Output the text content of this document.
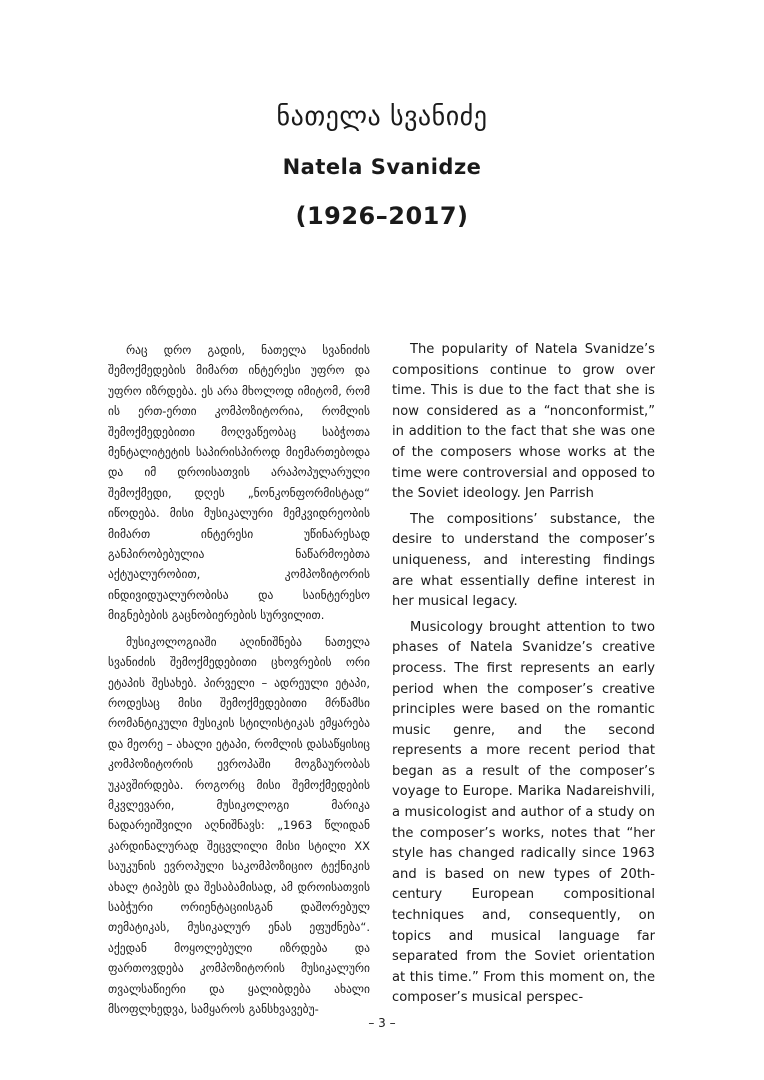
ნათელა სვანიძე
Natela Svanidze
(1926–2017)

რაც დრო გადის, ნათელა სვანიძის შემოქმედების მიმართ ინტერესი უფრო და უფრო იზრდება. ეს არა მხოლოდ იმიტომ, რომ ის ერთ-ერთი კომპოზიტორია, რომლის შემოქმედებითი მოღვაწეობაც საბჭოთა მენტალიტეტის საპირისპიროდ მიემართებოდა და იმ დროისათვის არაპოპულარული შემოქმედი, დღეს „ნონკონფორმისტად“ იწოდება. მისი მუსიკალური მემკვიდრეობის მიმართ ინტერესი უწინარესად განპირობებულია ნაწარმოებთა აქტუალურობით, კომპოზიტორის ინდივიდუალურობისა და საინტერესო მიგნებების გაცნობიერების სურვილით.

მუსიკოლოგიაში აღინიშნება ნათელა სვანიძის შემოქმედებითი ცხოვრების ორი ეტაპის შესახებ. პირველი – ადრეული ეტაპი, როდესაც მისი შემოქმედებითი მრწამსი რომანტიკული მუსიკის სტილისტიკას ემყარება და მეორე – ახალი ეტაპი, რომლის დასაწყისიც კომპოზიტორის ევროპაში მოგზაურობას უკავშირდება. როგორც მისი შემოქმედების მკვლევარი, მუსიკოლოგი მარიკა ნადარეიშვილი აღნიშნავს: „1963 წლიდან კარდინალურად შეცვლილი მისი სტილი XX საუკუნის ევროპული საკომპოზიციო ტექნიკის ახალ ტიპებს და შესაბამისად, ამ დროისათვის საბჭური ორიენტაციისგან დაშორებულ თემატიკას, მუსიკალურ ენას ეფუძნება“. აქედან მოყოლებული იზრდება და ფართოვდება კომპოზიტორის მუსიკალური თვალსაწიერი და ყალიბდება ახალი მსოფლხედვა, სამყაროს განსხვავებუ-

The popularity of Natela Svanidze’s compositions continue to grow over time. This is due to the fact that she is now considered as a “nonconformist,” in addition to the fact that she was one of the composers whose works at the time were controversial and opposed to the Soviet ideology. Jen Parrish

The compositions’ substance, the desire to understand the composer’s uniqueness, and interesting findings are what essentially define interest in her musical legacy.

Musicology brought attention to two phases of Natela Svanidze’s creative process. The first represents an early period when the composer’s creative principles were based on the romantic music genre, and the second represents a more recent period that began as a result of the composer’s voyage to Europe. Marika Nadareishvili, a musicologist and author of a study on the composer’s works, notes that “her style has changed radically since 1963 and is based on new types of 20th- century European compositional techniques and, consequently, on topics and musical language far separated from the Soviet orientation at this time.” From this moment on, the composer’s musical perspec-

– 3 –
